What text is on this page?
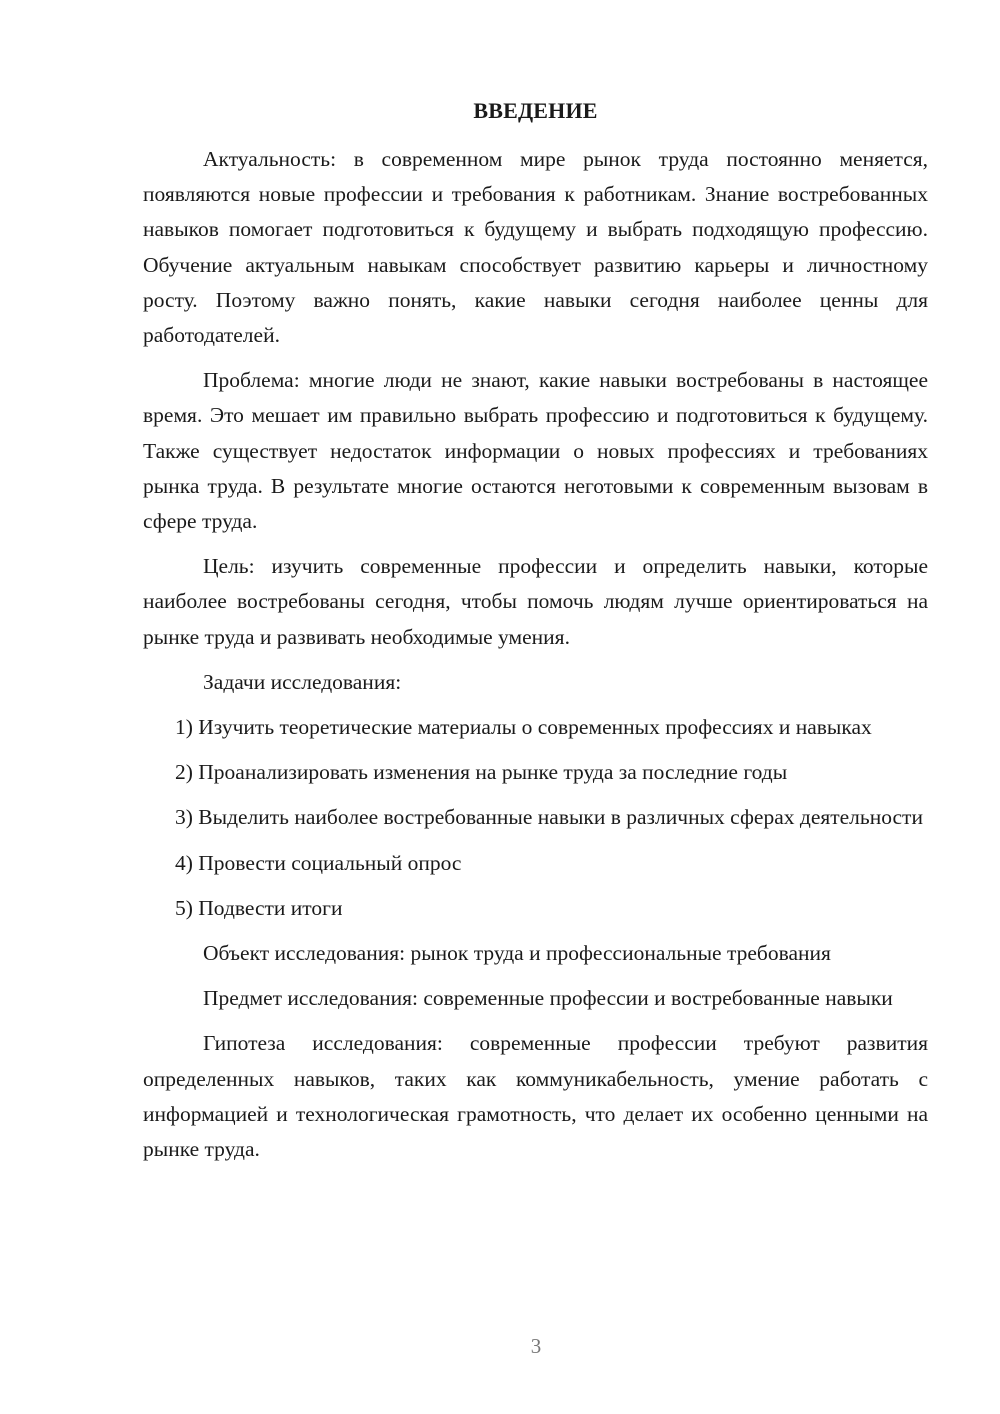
ВВЕДЕНИЕ

Актуальность: в современном мире рынок труда постоянно меняется, появляются новые профессии и требования к работникам. Знание востребованных навыков помогает подготовиться к будущему и выбрать подходящую профессию. Обучение актуальным навыкам способствует развитию карьеры и личностному росту. Поэтому важно понять, какие навыки сегодня наиболее ценны для работодателей.

Проблема: многие люди не знают, какие навыки востребованы в настоящее время. Это мешает им правильно выбрать профессию и подготовиться к будущему. Также существует недостаток информации о новых профессиях и требованиях рынка труда. В результате многие остаются неготовыми к современным вызовам в сфере труда.

Цель: изучить современные профессии и определить навыки, которые наиболее востребованы сегодня, чтобы помочь людям лучше ориентироваться на рынке труда и развивать необходимые умения.

Задачи исследования:

1) Изучить теоретические материалы о современных профессиях и навыках

2) Проанализировать изменения на рынке труда за последние годы

3) Выделить наиболее востребованные навыки в различных сферах деятельности

4) Провести социальный опрос

5) Подвести итоги

Объект исследования: рынок труда и профессиональные требования

Предмет исследования: современные профессии и востребованные навыки

Гипотеза исследования: современные профессии требуют развития определенных навыков, таких как коммуникабельность, умение работать с информацией и технологическая грамотность, что делает их особенно ценными на рынке труда.

3
